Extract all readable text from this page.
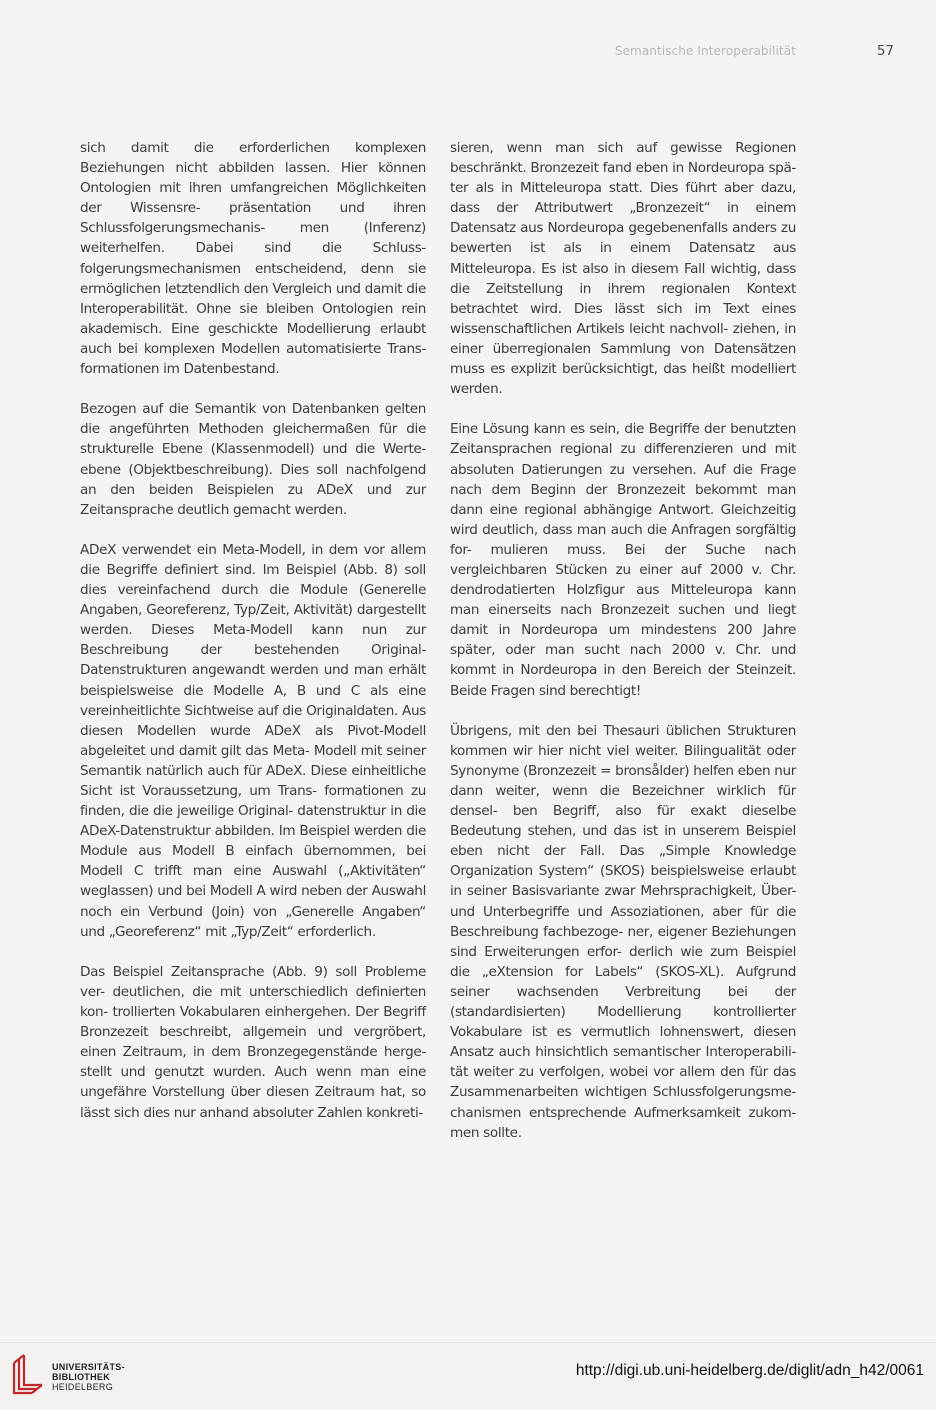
Semantische Interoperabilität	57

sich damit die erforderlichen komplexen Beziehungen nicht abbilden lassen. Hier können Ontologien mit ihren umfangreichen Möglichkeiten der Wissensre- präsentation und ihren Schlussfolgerungsmechanis- men (Inferenz) weiterhelfen. Dabei sind die Schluss- folgerungsmechanismen entscheidend, denn sie ermöglichen letztendlich den Vergleich und damit die Interoperabilität. Ohne sie bleiben Ontologien rein akademisch. Eine geschickte Modellierung erlaubt auch bei komplexen Modellen automatisierte Trans- formationen im Datenbestand.

Bezogen auf die Semantik von Datenbanken gelten die angeführten Methoden gleichermaßen für die strukturelle Ebene (Klassenmodell) und die Werte- ebene (Objektbeschreibung). Dies soll nachfolgend an den beiden Beispielen zu ADeX und zur Zeitansprache deutlich gemacht werden.

ADeX verwendet ein Meta-Modell, in dem vor allem die Begriffe definiert sind. Im Beispiel (Abb. 8) soll dies vereinfachend durch die Module (Generelle Angaben, Georeferenz, Typ/Zeit, Aktivität) dargestellt werden. Dieses Meta-Modell kann nun zur Beschreibung der bestehenden Original-Datenstrukturen angewandt werden und man erhält beispielsweise die Modelle A, B und C als eine vereinheitlichte Sichtweise auf die Originaldaten. Aus diesen Modellen wurde ADeX als Pivot-Modell abgeleitet und damit gilt das Meta- Modell mit seiner Semantik natürlich auch für ADeX. Diese einheitliche Sicht ist Voraussetzung, um Trans- formationen zu finden, die die jeweilige Original- datenstruktur in die ADeX-Datenstruktur abbilden. Im Beispiel werden die Module aus Modell B einfach übernommen, bei Modell C trifft man eine Auswahl („Aktivitäten“ weglassen) und bei Modell A wird neben der Auswahl noch ein Verbund (Join) von „Generelle Angaben“ und „Georeferenz“ mit „Typ/Zeit“ erforderlich.

Das Beispiel Zeitansprache (Abb. 9) soll Probleme ver- deutlichen, die mit unterschiedlich definierten kon- trollierten Vokabularen einhergehen. Der Begriff Bronzezeit beschreibt, allgemein und vergröbert, einen Zeitraum, in dem Bronzegegenstände herge- stellt und genutzt wurden. Auch wenn man eine ungefähre Vorstellung über diesen Zeitraum hat, so lässt sich dies nur anhand absoluter Zahlen konkreti-

sieren, wenn man sich auf gewisse Regionen beschränkt. Bronzezeit fand eben in Nordeuropa spä- ter als in Mitteleuropa statt. Dies führt aber dazu, dass der Attributwert „Bronzezeit“ in einem Datensatz aus Nordeuropa gegebenenfalls anders zu bewerten ist als in einem Datensatz aus Mitteleuropa. Es ist also in diesem Fall wichtig, dass die Zeitstellung in ihrem regionalen Kontext betrachtet wird. Dies lässt sich im Text eines wissenschaftlichen Artikels leicht nachvoll- ziehen, in einer überregionalen Sammlung von Datensätzen muss es explizit berücksichtigt, das heißt modelliert werden.

Eine Lösung kann es sein, die Begriffe der benutzten Zeitansprachen regional zu differenzieren und mit absoluten Datierungen zu versehen. Auf die Frage nach dem Beginn der Bronzezeit bekommt man dann eine regional abhängige Antwort. Gleichzeitig wird deutlich, dass man auch die Anfragen sorgfältig for- mulieren muss. Bei der Suche nach vergleichbaren Stücken zu einer auf 2000 v. Chr. dendrodatierten Holzfigur aus Mitteleuropa kann man einerseits nach Bronzezeit suchen und liegt damit in Nordeuropa um mindestens 200 Jahre später, oder man sucht nach 2000 v. Chr. und kommt in Nordeuropa in den Bereich der Steinzeit. Beide Fragen sind berechtigt!

Übrigens, mit den bei Thesauri üblichen Strukturen kommen wir hier nicht viel weiter. Bilingualität oder Synonyme (Bronzezeit = bronsålder) helfen eben nur dann weiter, wenn die Bezeichner wirklich für densel- ben Begriff, also für exakt dieselbe Bedeutung stehen, und das ist in unserem Beispiel eben nicht der Fall. Das „Simple Knowledge Organization System“ (SKOS) beispielsweise erlaubt in seiner Basisvariante zwar Mehrsprachigkeit, Über- und Unterbegriffe und Assoziationen, aber für die Beschreibung fachbezoge- ner, eigener Beziehungen sind Erweiterungen erfor- derlich wie zum Beispiel die „eXtension for Labels“ (SKOS-XL). Aufgrund seiner wachsenden Verbreitung bei der (standardisierten) Modellierung kontrollierter Vokabulare ist es vermutlich lohnenswert, diesen Ansatz auch hinsichtlich semantischer Interoperabili- tät weiter zu verfolgen, wobei vor allem den für das Zusammenarbeiten wichtigen Schlussfolgerungsme- chanismen entsprechende Aufmerksamkeit zukom- men sollte.

UNIVERSITÄTS-
BIBLIOTHEK
HEIDELBERG
http://digi.ub.uni-heidelberg.de/diglit/adn_h42/0061
